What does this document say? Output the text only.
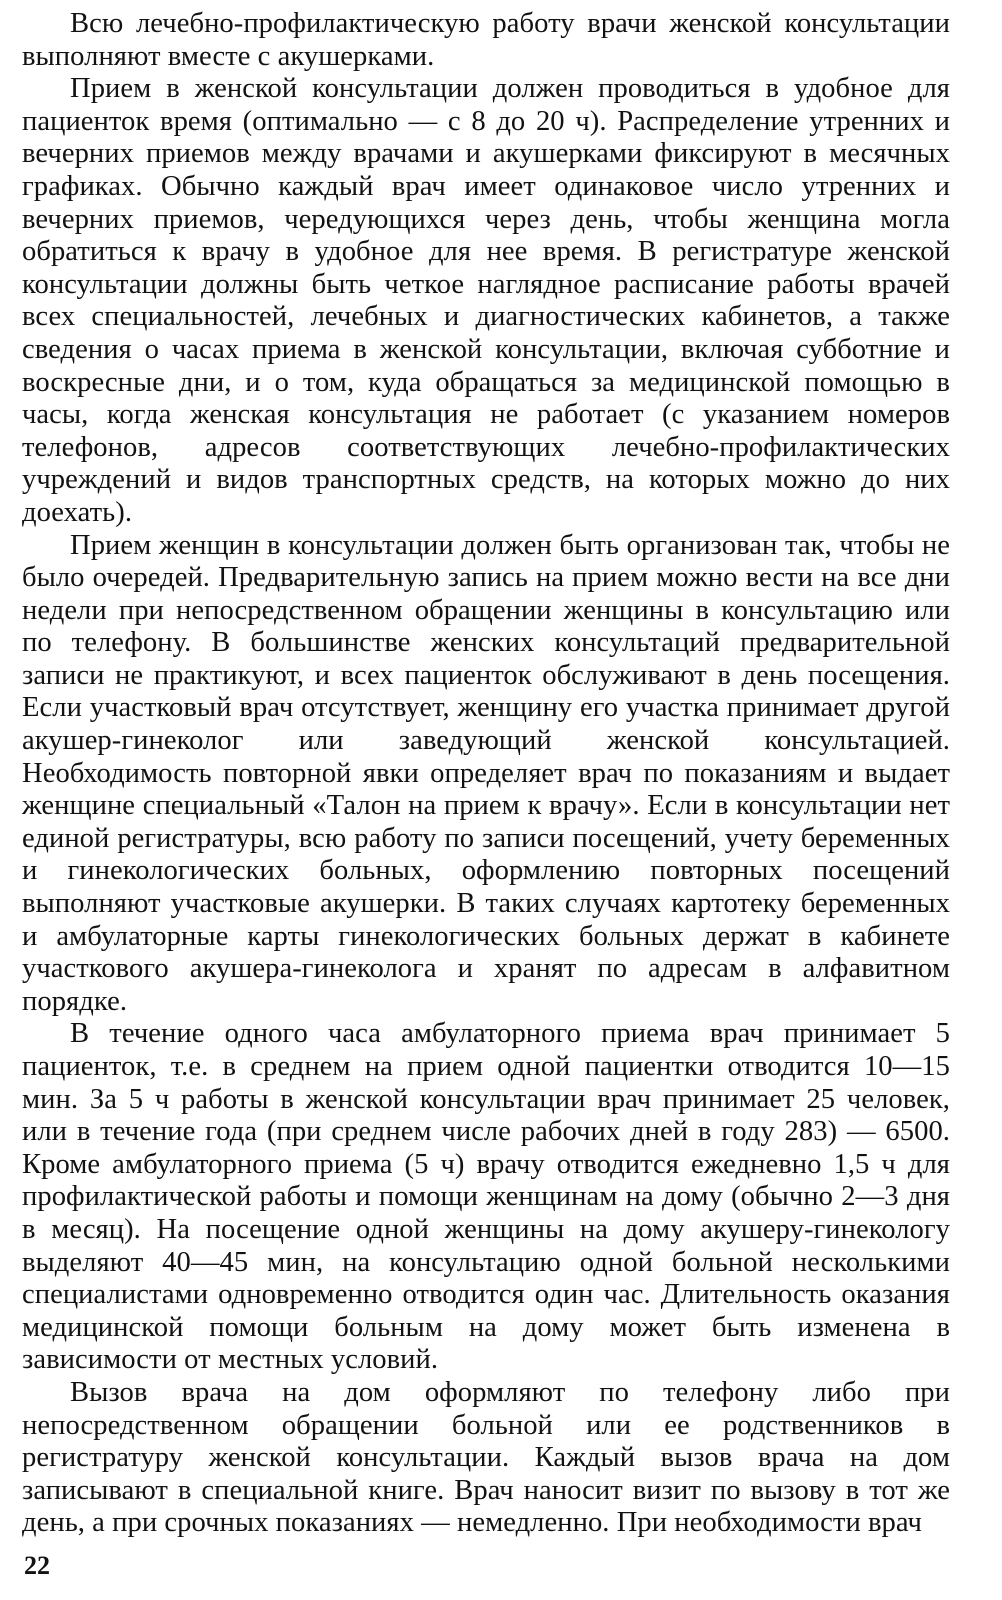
Всю лечебно-профилактическую работу врачи женской консультации выполняют вместе с акушерками.

Прием в женской консультации должен проводиться в удобное для пациенток время (оптимально — с 8 до 20 ч). Распределение утренних и вечерних приемов между врачами и акушерками фиксируют в месячных графиках. Обычно каждый врач имеет одинаковое число утренних и вечерних приемов, чередующихся через день, чтобы женщина могла обратиться к врачу в удобное для нее время. В регистратуре женской консультации должны быть четкое наглядное расписание работы врачей всех специальностей, лечебных и диагностических кабинетов, а также сведения о часах приема в женской консультации, включая субботние и воскресные дни, и о том, куда обращаться за медицинской помощью в часы, когда женская консультация не работает (с указанием номеров телефонов, адресов соответствующих лечебно-профилактических учреждений и видов транспортных средств, на которых можно до них доехать).

Прием женщин в консультации должен быть организован так, чтобы не было очередей. Предварительную запись на прием можно вести на все дни недели при непосредственном обращении женщины в консультацию или по телефону. В большинстве женских консультаций предварительной записи не практикуют, и всех пациенток обслуживают в день посещения. Если участковый врач отсутствует, женщину его участка принимает другой акушер-гинеколог или заведующий женской консультацией. Необходимость повторной явки определяет врач по показаниям и выдает женщине специальный «Талон на прием к врачу». Если в консультации нет единой регистратуры, всю работу по записи посещений, учету беременных и гинекологических больных, оформлению повторных посещений выполняют участковые акушерки. В таких случаях картотеку беременных и амбулаторные карты гинекологических больных держат в кабинете участкового акушера-гинеколога и хранят по адресам в алфавитном порядке.

В течение одного часа амбулаторного приема врач принимает 5 пациенток, т.е. в среднем на прием одной пациентки отводится 10—15 мин. За 5 ч работы в женской консультации врач принимает 25 человек, или в течение года (при среднем числе рабочих дней в году 283) — 6500. Кроме амбулаторного приема (5 ч) врачу отводится ежедневно 1,5 ч для профилактической работы и помощи женщинам на дому (обычно 2—3 дня в месяц). На посещение одной женщины на дому акушеру-гинекологу выделяют 40—45 мин, на консультацию одной больной несколькими специалистами одновременно отводится один час. Длительность оказания медицинской помощи больным на дому может быть изменена в зависимости от местных условий.

Вызов врача на дом оформляют по телефону либо при непосредственном обращении больной или ее родственников в регистратуру женской консультации. Каждый вызов врача на дом записывают в специальной книге. Врач наносит визит по вызову в тот же день, а при срочных показаниях — немедленно. При необходимости врач

22
